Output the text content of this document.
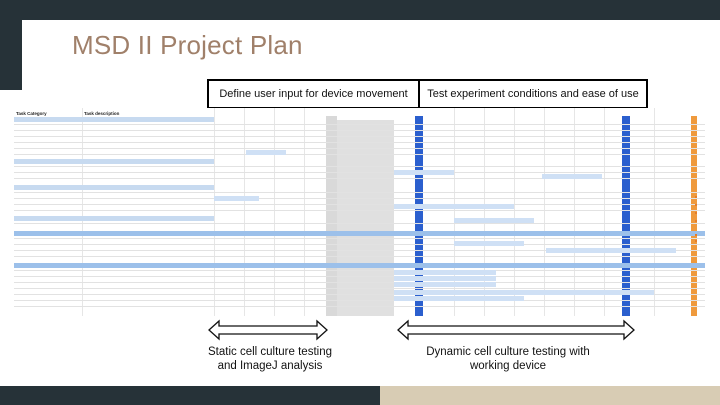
MSD II Project Plan
Define user input for device movement Test experiment conditions and ease of use
Task Category	Task description
Static cell culture testing
and ImageJ analysis
Dynamic cell culture testing with
working device
